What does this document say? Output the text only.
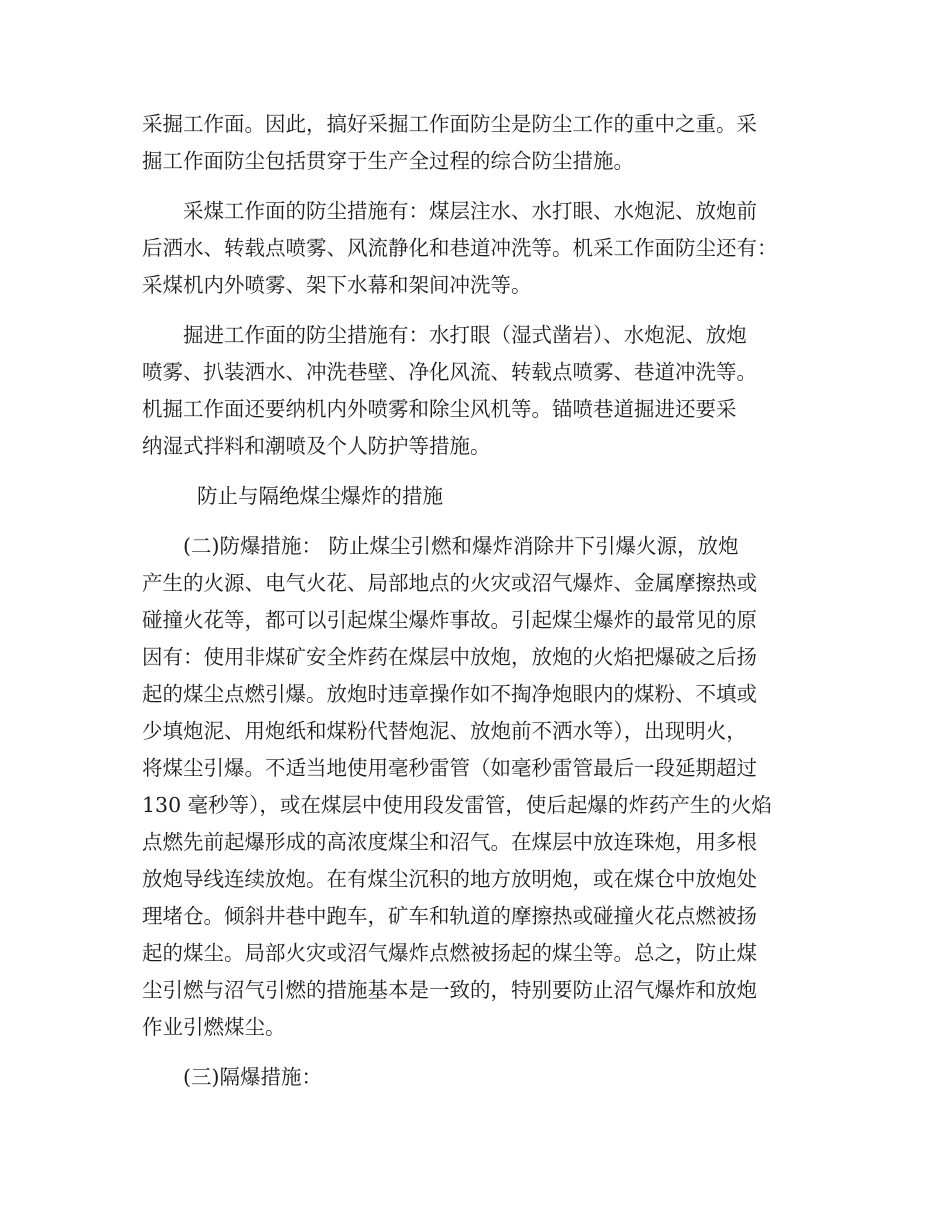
采掘工作面。因此，搞好采掘工作面防尘是防尘工作的重中之重。采
掘工作面防尘包括贯穿于生产全过程的综合防尘措施。

采煤工作面的防尘措施有：煤层注水、水打眼、水炮泥、放炮前
后洒水、转载点喷雾、风流静化和巷道冲洗等。机采工作面防尘还有：
采煤机内外喷雾、架下水幕和架间冲洗等。

掘进工作面的防尘措施有：水打眼（湿式凿岩）、水炮泥、放炮
喷雾、扒装洒水、冲洗巷壁、净化风流、转载点喷雾、巷道冲洗等。
机掘工作面还要纳机内外喷雾和除尘风机等。锚喷巷道掘进还要采
纳湿式拌料和潮喷及个人防护等措施。

防止与隔绝煤尘爆炸的措施

(二)防爆措施： 防止煤尘引燃和爆炸消除井下引爆火源，放炮
产生的火源、电气火花、局部地点的火灾或沼气爆炸、金属摩擦热或
碰撞火花等，都可以引起煤尘爆炸事故。引起煤尘爆炸的最常见的原
因有：使用非煤矿安全炸药在煤层中放炮，放炮的火焰把爆破之后扬
起的煤尘点燃引爆。放炮时违章操作如不掏净炮眼内的煤粉、不填或
少填炮泥、用炮纸和煤粉代替炮泥、放炮前不洒水等），出现明火，
将煤尘引爆。不适当地使用毫秒雷管（如毫秒雷管最后一段延期超过
130 毫秒等），或在煤层中使用段发雷管，使后起爆的炸药产生的火焰
点燃先前起爆形成的高浓度煤尘和沼气。在煤层中放连珠炮，用多根
放炮导线连续放炮。在有煤尘沉积的地方放明炮，或在煤仓中放炮处
理堵仓。倾斜井巷中跑车，矿车和轨道的摩擦热或碰撞火花点燃被扬
起的煤尘。局部火灾或沼气爆炸点燃被扬起的煤尘等。总之，防止煤
尘引燃与沼气引燃的措施基本是一致的，特别要防止沼气爆炸和放炮
作业引燃煤尘。

(三)隔爆措施：
